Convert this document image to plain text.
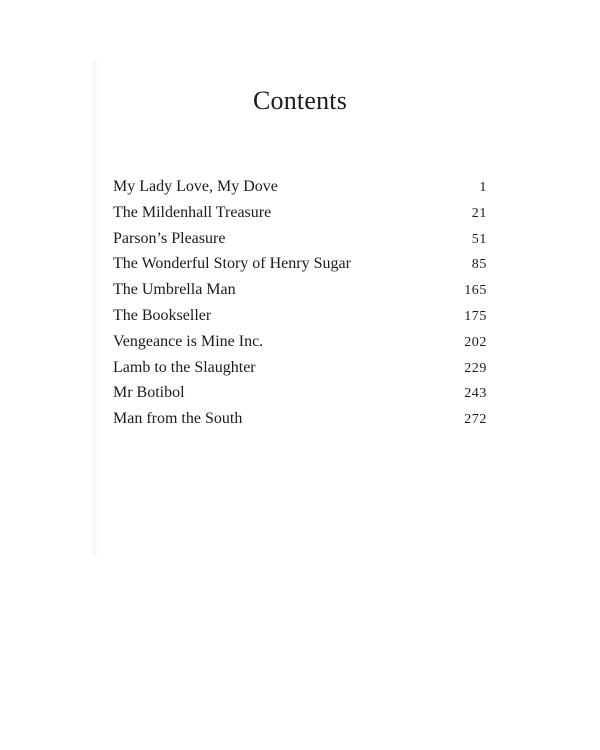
Contents
My Lady Love, My Dove	1
The Mildenhall Treasure	21
Parson’s Pleasure	51
The Wonderful Story of Henry Sugar	85
The Umbrella Man	165
The Bookseller	175
Vengeance is Mine Inc.	202
Lamb to the Slaughter	229
Mr Botibol	243
Man from the South	272
